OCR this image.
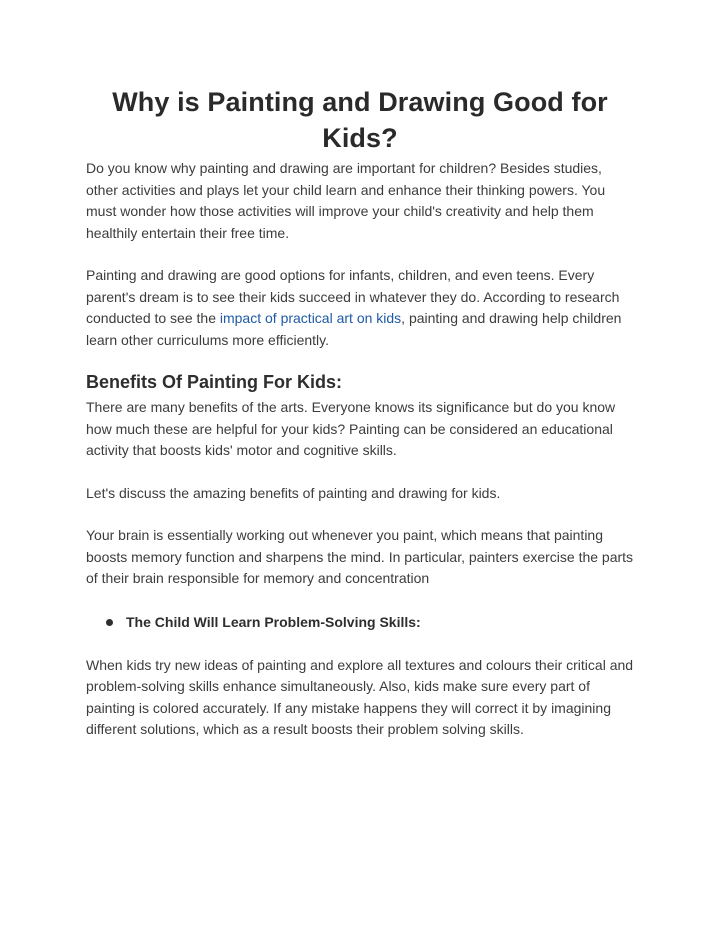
Why is Painting and Drawing Good for Kids?

Do you know why painting and drawing are important for children? Besides studies, other activities and plays let your child learn and enhance their thinking powers. You must wonder how those activities will improve your child's creativity and help them healthily entertain their free time.

Painting and drawing are good options for infants, children, and even teens. Every parent's dream is to see their kids succeed in whatever they do. According to research conducted to see the impact of practical art on kids, painting and drawing help children learn other curriculums more efficiently.

Benefits Of Painting For Kids:

There are many benefits of the arts. Everyone knows its significance but do you know how much these are helpful for your kids? Painting can be considered an educational activity that boosts kids' motor and cognitive skills.

Let's discuss the amazing benefits of painting and drawing for kids.

Your brain is essentially working out whenever you paint, which means that painting boosts memory function and sharpens the mind. In particular, painters exercise the parts of their brain responsible for memory and concentration

The Child Will Learn Problem-Solving Skills:

When kids try new ideas of painting and explore all textures and colours their critical and problem-solving skills enhance simultaneously. Also, kids make sure every part of painting is colored accurately. If any mistake happens they will correct it by imagining different solutions, which as a result boosts their problem solving skills.
